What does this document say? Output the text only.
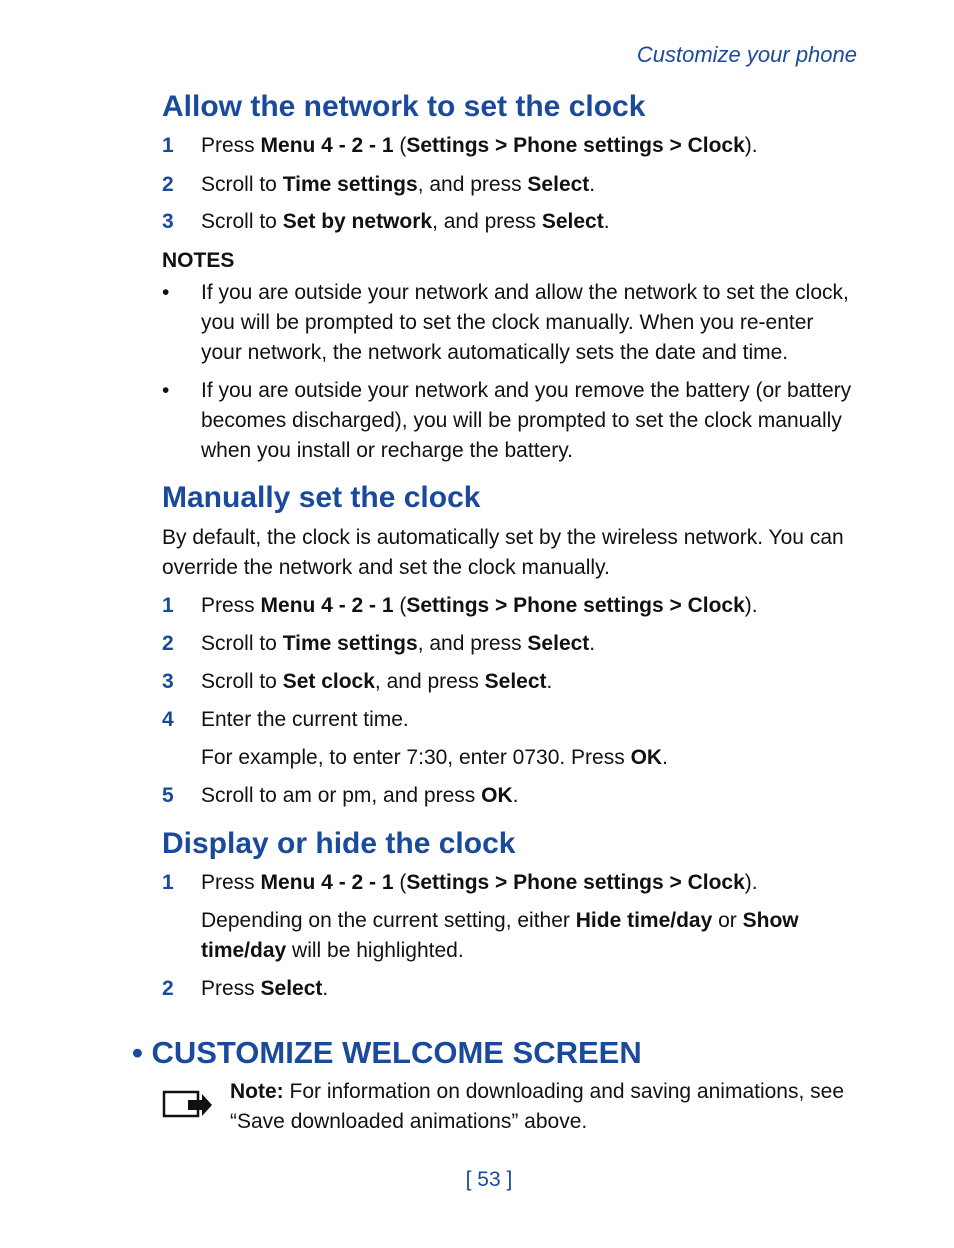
Customize your phone
Allow the network to set the clock
1 Press Menu 4 - 2 - 1 (Settings > Phone settings > Clock).
2 Scroll to Time settings, and press Select.
3 Scroll to Set by network, and press Select.
NOTES
• If you are outside your network and allow the network to set the clock,
you will be prompted to set the clock manually. When you re-enter
your network, the network automatically sets the date and time.
• If you are outside your network and you remove the battery (or battery
becomes discharged), you will be prompted to set the clock manually
when you install or recharge the battery.
Manually set the clock
By default, the clock is automatically set by the wireless network. You can
override the network and set the clock manually.
1 Press Menu 4 - 2 - 1 (Settings > Phone settings > Clock).
2 Scroll to Time settings, and press Select.
3 Scroll to Set clock, and press Select.
4 Enter the current time.
For example, to enter 7:30, enter 0730. Press OK.
5 Scroll to am or pm, and press OK.
Display or hide the clock
1 Press Menu 4 - 2 - 1 (Settings > Phone settings > Clock).
Depending on the current setting, either Hide time/day or Show
time/day will be highlighted.
2 Press Select.
• CUSTOMIZE WELCOME SCREEN
Note: For information on downloading and saving animations, see
“Save downloaded animations” above.
[ 53 ]
